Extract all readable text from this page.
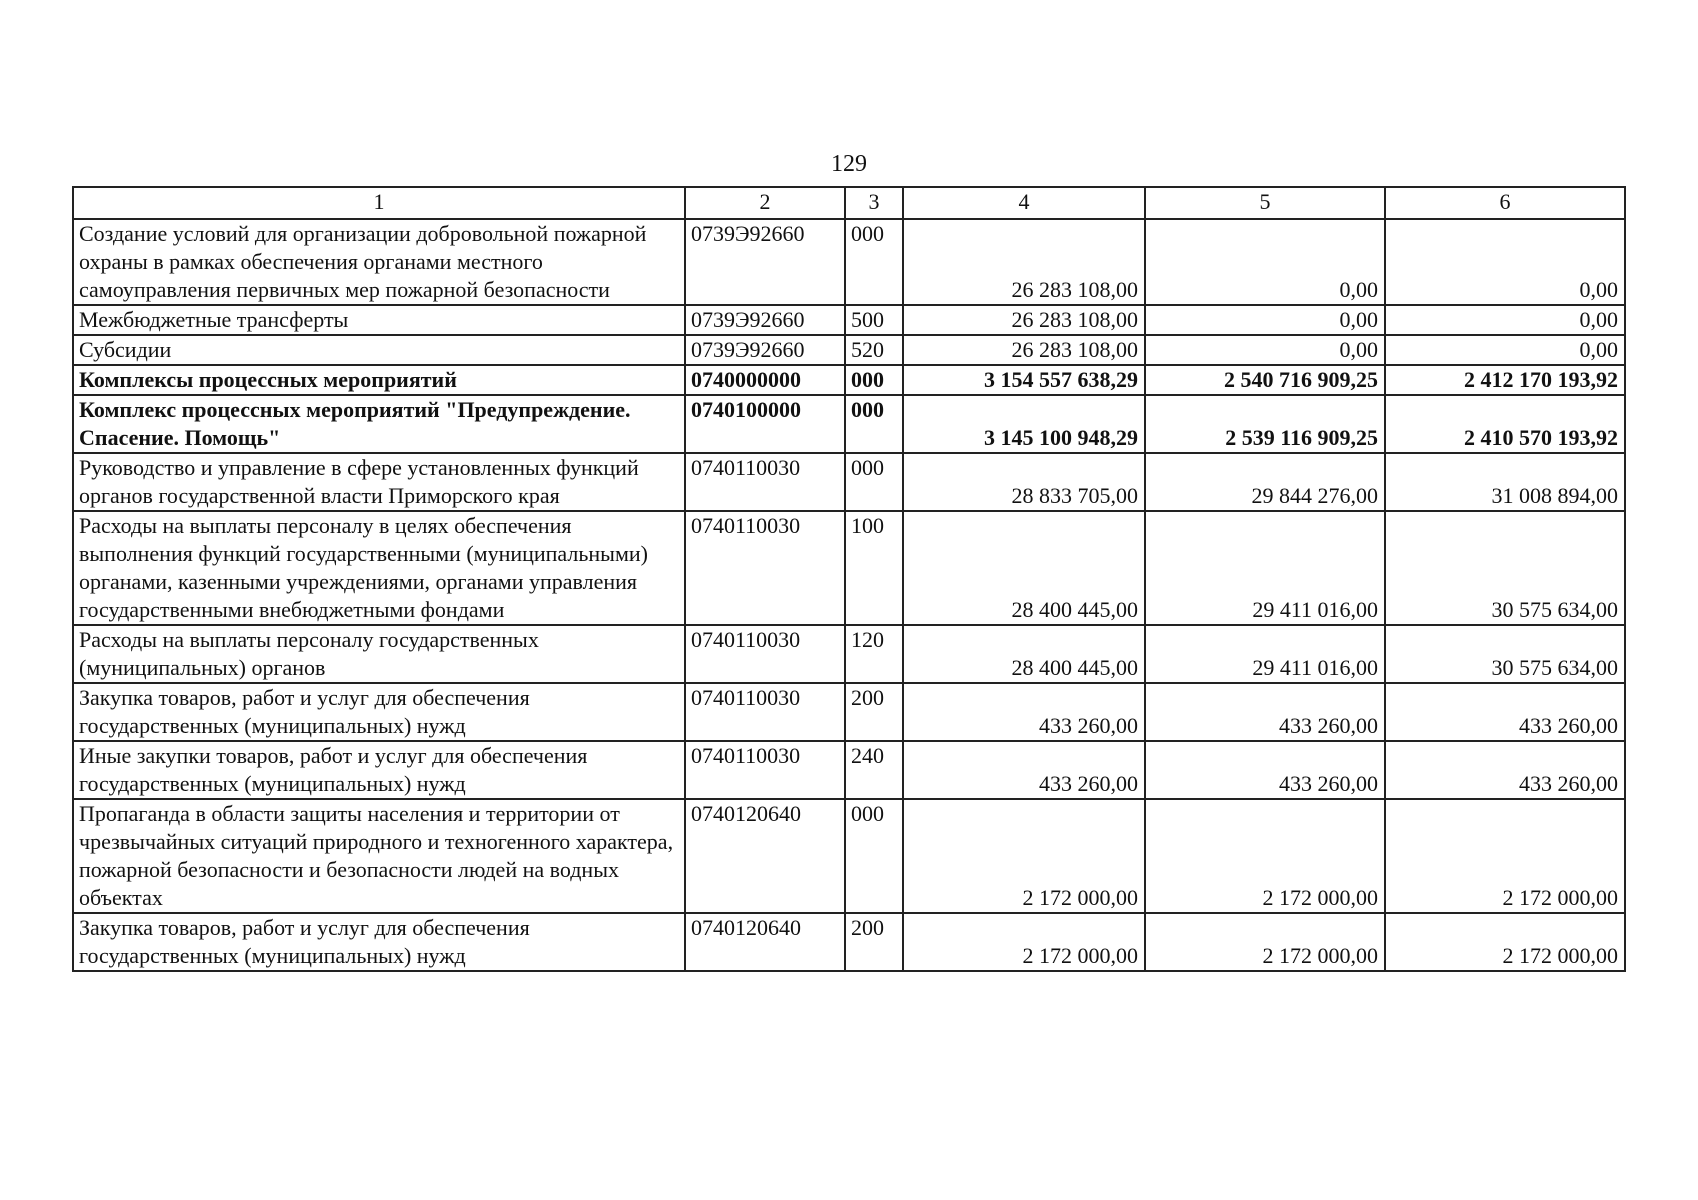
129
1	2	3	4	5	6
Создание условий для организации добровольной пожарной охраны в рамках обеспечения органами местного самоуправления первичных мер пожарной безопасности	0739Э92660	000	26 283 108,00	0,00	0,00
Межбюджетные трансферты	0739Э92660	500	26 283 108,00	0,00	0,00
Субсидии	0739Э92660	520	26 283 108,00	0,00	0,00
Комплексы процессных мероприятий	0740000000	000	3 154 557 638,29	2 540 716 909,25	2 412 170 193,92
Комплекс процессных мероприятий "Предупреждение. Спасение. Помощь"	0740100000	000	3 145 100 948,29	2 539 116 909,25	2 410 570 193,92
Руководство и управление в сфере установленных функций органов государственной власти Приморского края	0740110030	000	28 833 705,00	29 844 276,00	31 008 894,00
Расходы на выплаты персоналу в целях обеспечения выполнения функций государственными (муниципальными) органами, казенными учреждениями, органами управления государственными внебюджетными фондами	0740110030	100	28 400 445,00	29 411 016,00	30 575 634,00
Расходы на выплаты персоналу государственных (муниципальных) органов	0740110030	120	28 400 445,00	29 411 016,00	30 575 634,00
Закупка товаров, работ и услуг для обеспечения государственных (муниципальных) нужд	0740110030	200	433 260,00	433 260,00	433 260,00
Иные закупки товаров, работ и услуг для обеспечения государственных (муниципальных) нужд	0740110030	240	433 260,00	433 260,00	433 260,00
Пропаганда в области защиты населения и территории от чрезвычайных ситуаций природного и техногенного характера, пожарной безопасности и безопасности людей на водных объектах	0740120640	000	2 172 000,00	2 172 000,00	2 172 000,00
Закупка товаров, работ и услуг для обеспечения государственных (муниципальных) нужд	0740120640	200	2 172 000,00	2 172 000,00	2 172 000,00
